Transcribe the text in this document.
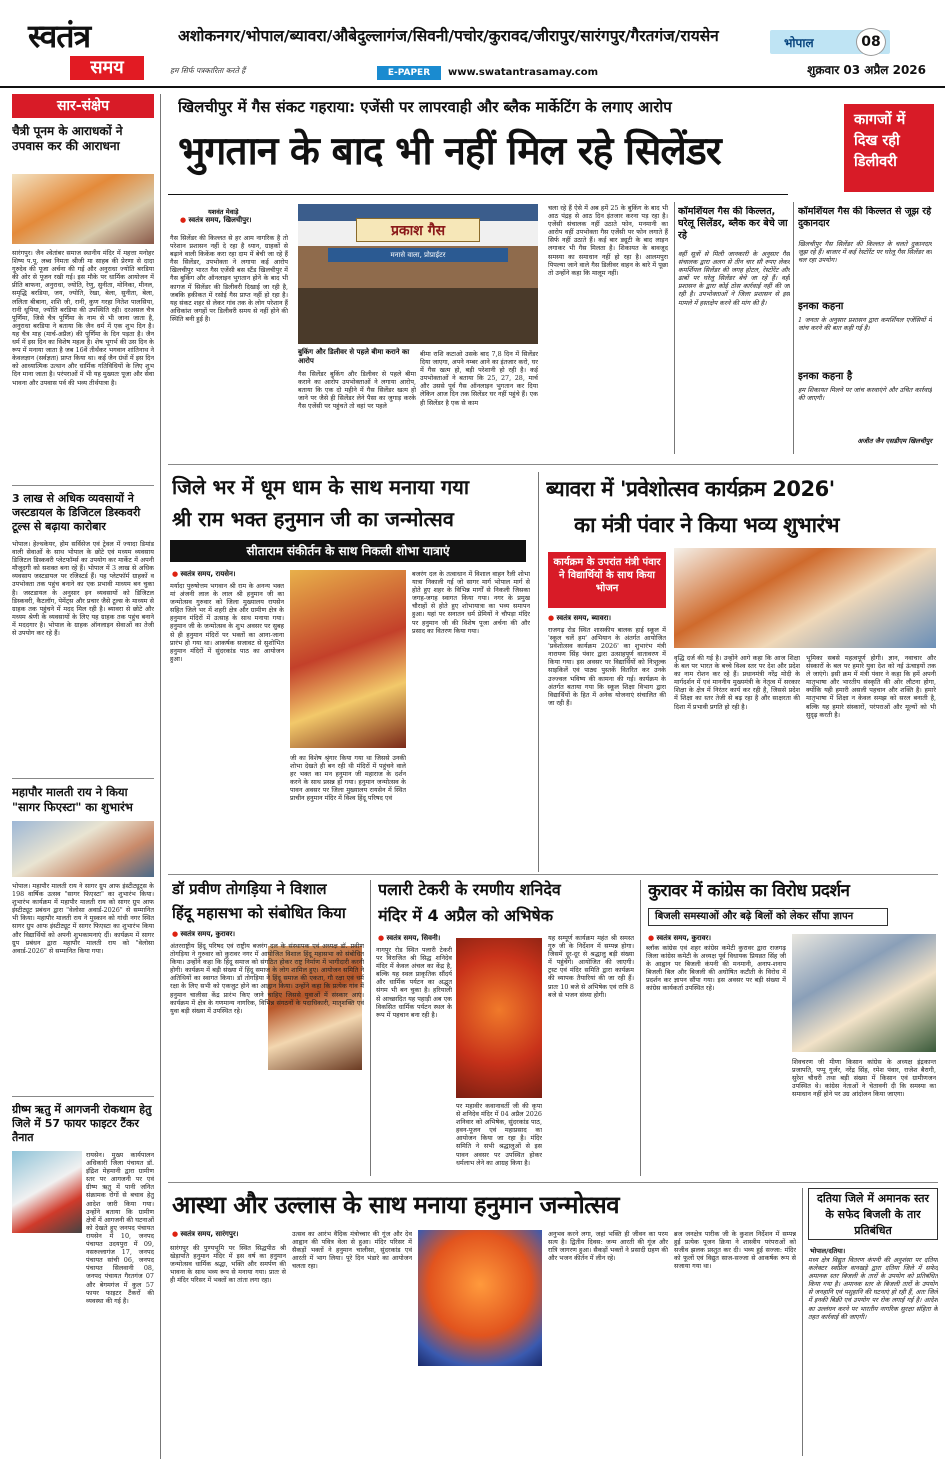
स्वतंत्र
समय	हम सिर्फ पत्रकारिता करते हैं
अशोकनगर/भोपाल/ब्यावरा/औबेदुल्लागंज/सिवनी/पचोर/कुरावद/जीरापुर/सारंगपुर/गैरतगंज/रायसेन	भोपाल	08
E-PAPER	www.swatantrasamay.com	शुक्रवार 03 अप्रैल 2026
सार-संक्षेप
चैत्री पूनम के आराधकों ने उपवास कर की आराधना
सारंगपुर। जैन श्वेतांबर समाज स्थानीय मंदिर में महत्ता मनोहर शिष्य प.पू. लब्ध निमता श्रीजी मा साहब की प्रेरणा से दादा गुरुदेव की पूजा अर्चना की गई और अनुराधा ज्योति बरडिया की ओर से पूजन रखी गई। इस मौके पर धार्मिक आयोजन में प्रीति बाफना, अनुराधा, ज्योति, रेणु, सुनीता, मोनिका, मीनल, समृद्धि बरडिया, जय, ज्योति, रेखा, बेला, सुनीता, बेला, ललिता बीबाना, शशि जी, रानी, कुण गरहा नितेश पालसिया, रानी धूपिया, ज्योति बरडिया की उपस्थिति रही। दरअसल चैत्र पूर्णिमा, जिसे चैत्र पूर्णिमा के नाम से भी जाना जाता है, अनुराधा बरडिया ने बताया कि जैन धर्म में एक शुभ दिन है। यह चैत्र माह (मार्च-अप्रैल) की पूर्णिमा के दिन पड़ता है। जैन धर्म में इस दिन का विशेष महत्व है। शेष भूगर्भ की उस दिन के रूप में मनाया जाता है जब 16वें तीर्थंकर भगवान शांतिनाथ ने केवलज्ञान (सर्वज्ञता) प्राप्त किया था। कई जैन ग्रंथों में इस दिन को आध्यात्मिक उत्थान और धार्मिक गतिविधियों के लिए शुभ दिन माना जाता है। परंपराओं में भी यह मुख्यतः पूजा और सेवा भावना और उपवास पर्व की भव्य तीर्थयात्रा है।
3 लाख से अधिक व्यवसायों ने जस्टडायल के डिजिटल डिस्कवरी टूल्स से बढ़ाया कारोबार
भोपाल। हेल्थकेयर, होम सर्विसेज एवं ट्रेवल में ज्यादा डिमांड वाली सेवाओं के साथ भोपाल के छोटे एवं मध्यम व्यवसाय डिजिटल डिस्कवरी प्लेटफॉर्म्स का उपयोग कर मार्केट में अपनी मौजूदगी को सशक्त बना रहे हैं। भोपाल में 3 लाख से अधिक व्यवसाय जस्टडायल पर रजिस्टर्ड हैं। यह प्लेटफॉर्म ग्राहकों व उपभोक्ता तक पहुंच बनाने का एक प्रभावी माध्यम बन चुका है। जस्टडायल के अनुसार इन व्यवसायों को डिजिटल डिस्कवरी, कैटलॉग, पेमेंट्स और प्रचार जैसे टूल्स के माध्यम से ग्राहक तक पहुंचने में मदद मिल रही है। ब्यावरा से छोटे और मध्यम श्रेणी के व्यवसायों के लिए यह ग्राहक तक पहुंच बनाने में मददगार है। भोपाल के ग्राहक ऑनलाइन सेवाओं का तेजी से उपयोग कर रहे हैं।
महापौर मालती राय ने किया "सागर फिएस्टा" का शुभारंभ
भोपाल। महापौर मालती राय ने सागर ग्रुप आफ इंस्टीट्यूट्स के 198 वार्षिक उत्सव "सागर फिएस्टा" का शुभारंभ किया। शुभारंभ कार्यक्रम में महापौर मालती राय को सागर ग्रुप आफ इंस्टीट्यूट प्रबंधन द्वारा "वेलोसा अवार्ड-2026" से सम्मानित भी किया। महापौर मालती राय ने मुस्कान को गांधी नगर स्थित सागर ग्रुप आफ इंस्टीट्यूट में सागर फिएस्टा का शुभारंभ किया और विद्यार्थियों को अपनी शुभकामनाएं दीं। कार्यक्रम में सागर ग्रुप प्रबंधन द्वारा महापौर मालती राय को "वेलोसा अवार्ड-2026" से सम्मानित किया गया।
ग्रीष्म ऋतु में आगजनी रोकथाम हेतु जिले में 57 फायर फाइटर टैंकर तैनात
रायसेन। मुख्य कार्यपालन अधिकारी जिला पंचायत डॉ. इंद्रिश मेहमानी द्वारा ग्रामीण स्तर पर आगजनी पर एवं ग्रीष्म ऋतु में पानी जनित संक्रामक रोगों से बचाव हेतु आदेश जारी किया गया। उन्होंने बताया कि ग्रामीण क्षेत्रों में आगजनी की घटनाओं को देखते हुए जनपद पंचायत रायसेन में 10, जनपद पंचायत उदयपुरा में 09, नसरुल्लागंज 17, जनपद पंचायत सांची 06, जनपद पंचायत सिलवानी 08, जनपद पंचायत गैरतगंज 07 और बेगमगंज में कुल 57 फायर फाइटर टैंकरों की व्यवस्था की गई है।
खिलचीपुर में गैस संकट गहराया: एजेंसी पर लापरवाही और ब्लैक मार्केटिंग के लगाए आरोप
भुगतान के बाद भी नहीं मिल रहे सिलेंडर
कागजों में दिख रही डिलीवरी
यशवंत मेवाड़े
● स्वतंत्र समय, खिलचीपुर।
गैस सिलेंडर की किल्लत से हर आम नागरिक है तो परेशान प्रशासन नहीं दे रहा है ध्यान, ग्राहकों से बढ़ाने वाली किकेंक करा रहा दाम में बेची जा रहे हैं गैस सिलेंडर, उपभोक्ता ने लगाया कई आरोप खिलचीपुर भारत गैस एजेंसी बस स्टैंड खिलचीपुर में गैस बुकिंग और ऑनलाइन भुगतान होने के बाद भी कागज में सिलेंडर की डिलीवरी दिखाई जा रही है, जबकि हकीकत में रसोई गैस प्राप्त नहीं हो रहा है। यह संकट शहर से लेकर गांव तक के लोग परेशान हैं अधिकांश जगहों पर डिलीवरी समय से नहीं होने की स्थिति बनी हुई है।
प्रकाश गैस
मनासे वाला, प्रोप्राईटर
बुकिंग और डिलीवर से पहले बीमा कराने का आरोप
गैस सिलेंडर बुकिंग और डिलीवर से पहले बीमा कराने का आरोप उपभोक्ताओं ने लगाया आरोप, बताया कि एक दो महीने में गैस सिलेंडर खत्म हो जाने पर जैसे ही सिलेंडर लेने पैसा का जुगाड़ करके गैस एजेंसी पर पहुंचते तो वहां पर पहले
बीमा राशि कटाओ उसके बाद 7,8 दिन में सिलेंडर दिया जाएगा, अपने नम्बर आने का इंतजार करो, घर में गैस खत्म हो, बड़ी परेशानी हो रही है। कई उपभोक्ताओं ने बताया कि 25, 27, 28, मार्च और उससे पूर्व गैस ऑनलाइन भुगतान कर दिया लेकिन आज दिन तक सिलेंडर घर नहीं पहुंचे हैं। एक ही सिलेंडर है एक से काम
चला रहे हैं ऐसे में अब हमें 25 के बुकिंग के बाद भी आठ पंद्रह से आठ दिन इंतजार करना पड़ रहा है। एजेंसी संचालक नहीं उठाते फोन, मनमानी का आरोप वहीं उपभोक्ता गैस एजेंसी पर फोन लगाते हैं सिर्फ नहीं उठाते हैं। कई बार ड्यूटी के बाद लाइन लगाकर भी गैस मिलता है। शिकायत के बावजूद समस्या का समाधान नहीं हो रहा है। आलमपुरा पिपल्या जाने वाले गैस डिलीवर वाहन के बारे में पूछा तो उन्होंने कहा कि मालूम नहीं।
कॉमर्शियल गैस की किल्लत, घरेलू सिलेंडर, ब्लैक कर बेचे जा रहे
वहीं सूत्रों से मिली जानकारी के अनुसार गैस संचालक द्वारा अलग से तीन चार सौ रुपए लेकर कमर्शियल सिलेंडर की जगह होटल, रेस्टोरेंट और ढाबों पर घरेलू सिलेंडर बेचे जा रहे हैं। वहीं प्रशासन के द्वारा कोई ठोस कार्रवाई नहीं की जा रही है। उपभोक्ताओं ने जिला प्रशासन से इस मामले में हस्तक्षेप करने की मांग की है।
कॉमर्शियल गैस की किल्लत से जूझ रहे दुकानदार
खिलचीपुर गैस सिलेंडर की किल्लत के चलते दुकानदार जूझ रहे हैं। बाजार में कई रेस्टोरेंट पर घरेलू गैस सिलेंडर का चल रहा उपयोग।
इनका कहना
1 जनता के अनुसार प्रशासन द्वारा कमर्शियल एजेंसियों में जांच करने की बात कही गई है।
इनका कहना है
हम शिकायत मिलने पर जांच करवाएंगे और उचित कार्रवाई की जाएगी।
अजीत जैन एसडीएम खिलचीपुर
जिले भर में धूम धाम के साथ मनाया गया
श्री राम भक्त हनुमान जी का जन्मोत्सव
सीताराम संकीर्तन के साथ निकली शोभा यात्राएं
● स्वतंत्र समय, रायसेन।
मर्यादा पुरुषोत्तम भगवान श्री राम के अनन्य भक्त मां अंजनी लाल के लाल श्री हनुमान जी का जन्मोत्सव गुरुवार को जिला मुख्यालय रायसेन सहित जिले भर में शहरी क्षेत्र और ग्रामीण क्षेत्र के हनुमान मंदिरों में उत्साह के साथ मनाया गया। हनुमान जी के जन्मोत्सव के शुभ अवसर पर सुबह से ही हनुमान मंदिरों पर भक्तों का आना-जाना प्रारंभ हो गया था। आकर्षक सजावट से सुशोभित हनुमान मंदिरों में सुंदरकांड पाठ का आयोजन हुआ।
जी का विशेष श्रृंगार किया गया था जिससे उनकी शोभा देखते ही बन रही थी मंदिरों में पहुंचने वाले हर भक्त का मन हनुमान जी महाराज के दर्शन करने के साथ प्रसन्न हो गया। हनुमान जन्मोत्सव के पावन अवसर पर जिला मुख्यालय रायसेन में स्थित प्राचीन हनुमान मंदिर में विश्व हिंदू परिषद एवं
बजरंग दल के तत्वाधान में विशाल वाहन रैली शोभा यात्रा निकाली गई जो सागर मार्ग भोपाल मार्ग से होते हुए शहर के विभिन्न मार्गों से निकली जिसका जगह-जगह स्वागत किया गया। नगर के प्रमुख चौराहों से होते हुए शोभायात्रा का भव्य समापन हुआ। यहां पर सनातन धर्म प्रेमियों ने चौपड़ा मंदिर पर हनुमान जी की विशेष पूजा अर्चना की और प्रसाद का वितरण किया गया।
ब्यावरा में 'प्रवेशोत्सव कार्यक्रम 2026'
का मंत्री पंवार ने किया भव्य शुभारंभ
कार्यक्रम के उपरांत मंत्री पंवार ने विद्यार्थियों के साथ किया भोजन
● स्वतंत्र समय, ब्यावरा।
राजगढ़ रोड स्थित शासकीय बालक हाई स्कूल में 'स्कूल चलें हम' अभियान के अंतर्गत आयोजित 'प्रवेशोत्सव कार्यक्रम 2026' का शुभारंभ मंत्री नारायण सिंह पंवार द्वारा उत्साहपूर्ण वातावरण में किया गया। इस अवसर पर विद्यार्थियों को निःशुल्क साइकिलें एवं पाठ्य पुस्तकें वितरित कर उनके उज्ज्वल भविष्य की कामना की गई। कार्यक्रम के अंतर्गत बताया गया कि स्कूल शिक्षा विभाग द्वारा विद्यार्थियों के हित में अनेक योजनाएं संचालित की जा रही हैं।
वृद्धि दर्ज की गई है। उन्होंने आगे कहा कि आज शिक्षा के बल पर भारत के बच्चे विश्व स्तर पर देश और प्रदेश का नाम रोशन कर रहे हैं। प्रधानमंत्री नरेंद्र मोदी के मार्गदर्शन में एवं माननीय मुख्यमंत्री के नेतृत्व में सरकार शिक्षा के क्षेत्र में निरंतर कार्य कर रही है, जिससे प्रदेश में शिक्षा का स्तर तेजी से बढ़ रहा है और साक्षरता की दिशा में प्रभावी प्रगति हो रही है।
भूमिका सबसे महत्वपूर्ण होगी। ज्ञान, नवाचार और संस्कारों के बल पर हमारे युवा देश को नई ऊंचाइयों तक ले जाएंगे। इसी क्रम में मंत्री पंवार ने कहा कि हमें अपनी मातृभाषा और भारतीय संस्कृति की ओर लौटना होगा, क्योंकि यही हमारी असली पहचान और शक्ति है। हमारे मातृभाषा में शिक्षा न केवल समझ को सरल बनाती है, बल्कि यह हमारे संस्कारों, परंपराओं और मूल्यों को भी सुदृढ़ करती है।
डॉ प्रवीण तोगड़िया ने विशाल
हिंदू महासभा को संबोधित किया
● स्वतंत्र समय, कुरावर।
अंतरराष्ट्रीय हिंदू परिषद एवं राष्ट्रीय बजरंग दल के संस्थापक एवं अध्यक्ष डॉ. प्रवीण तोगड़िया ने गुरुवार को कुरावर नगर में आयोजित विशाल हिंदू महासभा को संबोधित किया। उन्होंने कहा कि हिंदू समाज को संगठित होकर राष्ट्र निर्माण में भागीदारी करनी होगी। कार्यक्रम में बड़ी संख्या में हिंदू समाज के लोग शामिल हुए। आयोजन समिति ने अतिथियों का स्वागत किया। डॉ तोगड़िया ने हिंदू समाज की एकता, गौ रक्षा एवं धर्म रक्षा के लिए सभी को एकजुट होने का आह्वान किया। उन्होंने कहा कि प्रत्येक गांव में हनुमान चालीसा केंद्र प्रारंभ किए जाने चाहिए जिससे युवाओं में संस्कार आएं। कार्यक्रम में क्षेत्र के गणमान्य नागरिक, विभिन्न संगठनों के पदाधिकारी, मातृशक्ति एवं युवा बड़ी संख्या में उपस्थित रहे।
पलारी टेकरी के रमणीय शनिदेव
मंदिर में 4 अप्रैल को अभिषेक
● स्वतंत्र समय, सिवनी।
नागपुर रोड स्थित पलारी टेकरी पर विराजित श्री सिद्ध शनिदेव मंदिर में केवल अंचल का केंद्र है, बल्कि यह स्थल प्राकृतिक सौंदर्य और धार्मिक पर्यटन का अद्भुत संगम भी बन चुका है। हरियाली से आच्छादित यह पहाड़ी अब एक विकसित धार्मिक पर्यटन स्थल के रूप में पहचान बना रही है।
पर महावीर कवानावर्ती जी की कृपा से शनिदेव मंदिर में 04 अप्रैल 2026 शनिवार को अभिषेक, सुंदरकांड पाठ, हवन-पूजन एवं महाप्रसाद का आयोजन किया जा रहा है। मंदिर समिति ने सभी श्रद्धालुओं से इस पावन अवसर पर उपस्थित होकर धर्मलाभ लेने का आग्रह किया है।
यह सम्पूर्ण कार्यक्रम महंत श्री समस्त गुरु जी के निर्देशन में सम्पन्न होगा। जिसमें दूर-दूर से श्रद्धालु बड़ी संख्या में पहुंचेंगे। आयोजित की जाएगी। ट्रस्ट एवं मंदिर समिति द्वारा कार्यक्रम की व्यापक तैयारियां की जा रही हैं। प्रातः 10 बजे से अभिषेक एवं रात्रि 8 बजे से भजन संध्या होगी।
कुरावर में कांग्रेस का विरोध प्रदर्शन
बिजली समस्याओं और बढ़े बिलों को लेकर सौंपा ज्ञापन
● स्वतंत्र समय, कुरावर।
ब्लॉक कांग्रेस एवं शहर कांग्रेस कमेटी कुरावर द्वारा राजगढ़ जिला कांग्रेस कमेटी के अध्यक्ष पूर्व विधायक प्रियव्रत सिंह जी के आह्वान पर बिजली कंपनी की मनमानी, अनाप-शनाप बिजली बिल और बिजली की अघोषित कटौती के विरोध में प्रदर्शन कर ज्ञापन सौंपा गया। इस अवसर पर बड़ी संख्या में कांग्रेस कार्यकर्ता उपस्थित रहे।
शिवचरण जी मीणा किसान कांग्रेस के अध्यक्ष इंद्रकान्त प्रजापति, पप्पू गुर्जर, नरेंद्र सिंह, रमेश पंवार, राजेश बैरागी, सुरेश चौधरी तथा बड़ी संख्या में किसान एवं ग्रामीणजन उपस्थित थे। कांग्रेस नेताओं ने चेतावनी दी कि समस्या का समाधान नहीं होने पर उग्र आंदोलन किया जाएगा।
आस्था और उल्लास के साथ मनाया हनुमान जन्मोत्सव
● स्वतंत्र समय, सारंगपुर।
सारंगपुर की पुण्यभूमि पर स्थित सिद्धपीठ श्री खेड़ापति हनुमान मंदिर में इस वर्ष का हनुमान जन्मोत्सव धार्मिक श्रद्धा, भक्ति और समर्पण की भावना के साथ भव्य रूप से मनाया गया। प्रातः से ही मंदिर परिसर में भक्तों का तांता लगा रहा।
उत्सव का आरंभ वैदिक मंत्रोच्चार की गूंज और देव आह्वान की पवित्र वेला से हुआ। मंदिर परिसर में सैकड़ों भक्तों ने हनुमान चालीसा, सुंदरकांड एवं आरती में भाग लिया। पूरे दिन भंडारे का आयोजन चलता रहा।
अनुभव करने लगा, जहां भक्ति ही जीवन का परम सत्य है। द्वितीय दिवस: जन्म आरती की गूंज और रात्रि जागरण हुआ। सैकड़ों भक्तों ने प्रसादी ग्रहण की और भजन कीर्तन में लीन रहे।
ब्रज जनक्षेत्र पारीक जी के कुशल निर्देशन में सम्पन्न हुई प्रत्येक पूजन क्रिया ने शास्त्रीय परंपराओं को सजीव झलक प्रस्तुत कर दी। भव्य हुई सज्जा: मंदिर को फूलों एवं विद्युत साज-सज्जा से आकर्षक रूप से सजाया गया था।
दतिया जिले में अमानक स्तर के सफेद बिजली के तार प्रतिबंधित
भोपाल/दतिया।
मध्य क्षेत्र विद्युत वितरण कंपनी की अनुशंसा पर दतिया कलेक्टर स्वप्निल वानखड़े द्वारा दतिया जिले में सफेद अमानक स्तर बिजली के तारों के उपयोग को प्रतिबंधित किया गया है। अमानक स्तर के बिजली तारों के उपयोग से जनहानि एवं पशुहानि की घटनाएं हो रही हैं, अतः जिले में इनकी बिक्री एवं उपयोग पर रोक लगाई गई है। आदेश का उल्लंघन करने पर भारतीय नागरिक सुरक्षा संहिता के तहत कार्रवाई की जाएगी।
